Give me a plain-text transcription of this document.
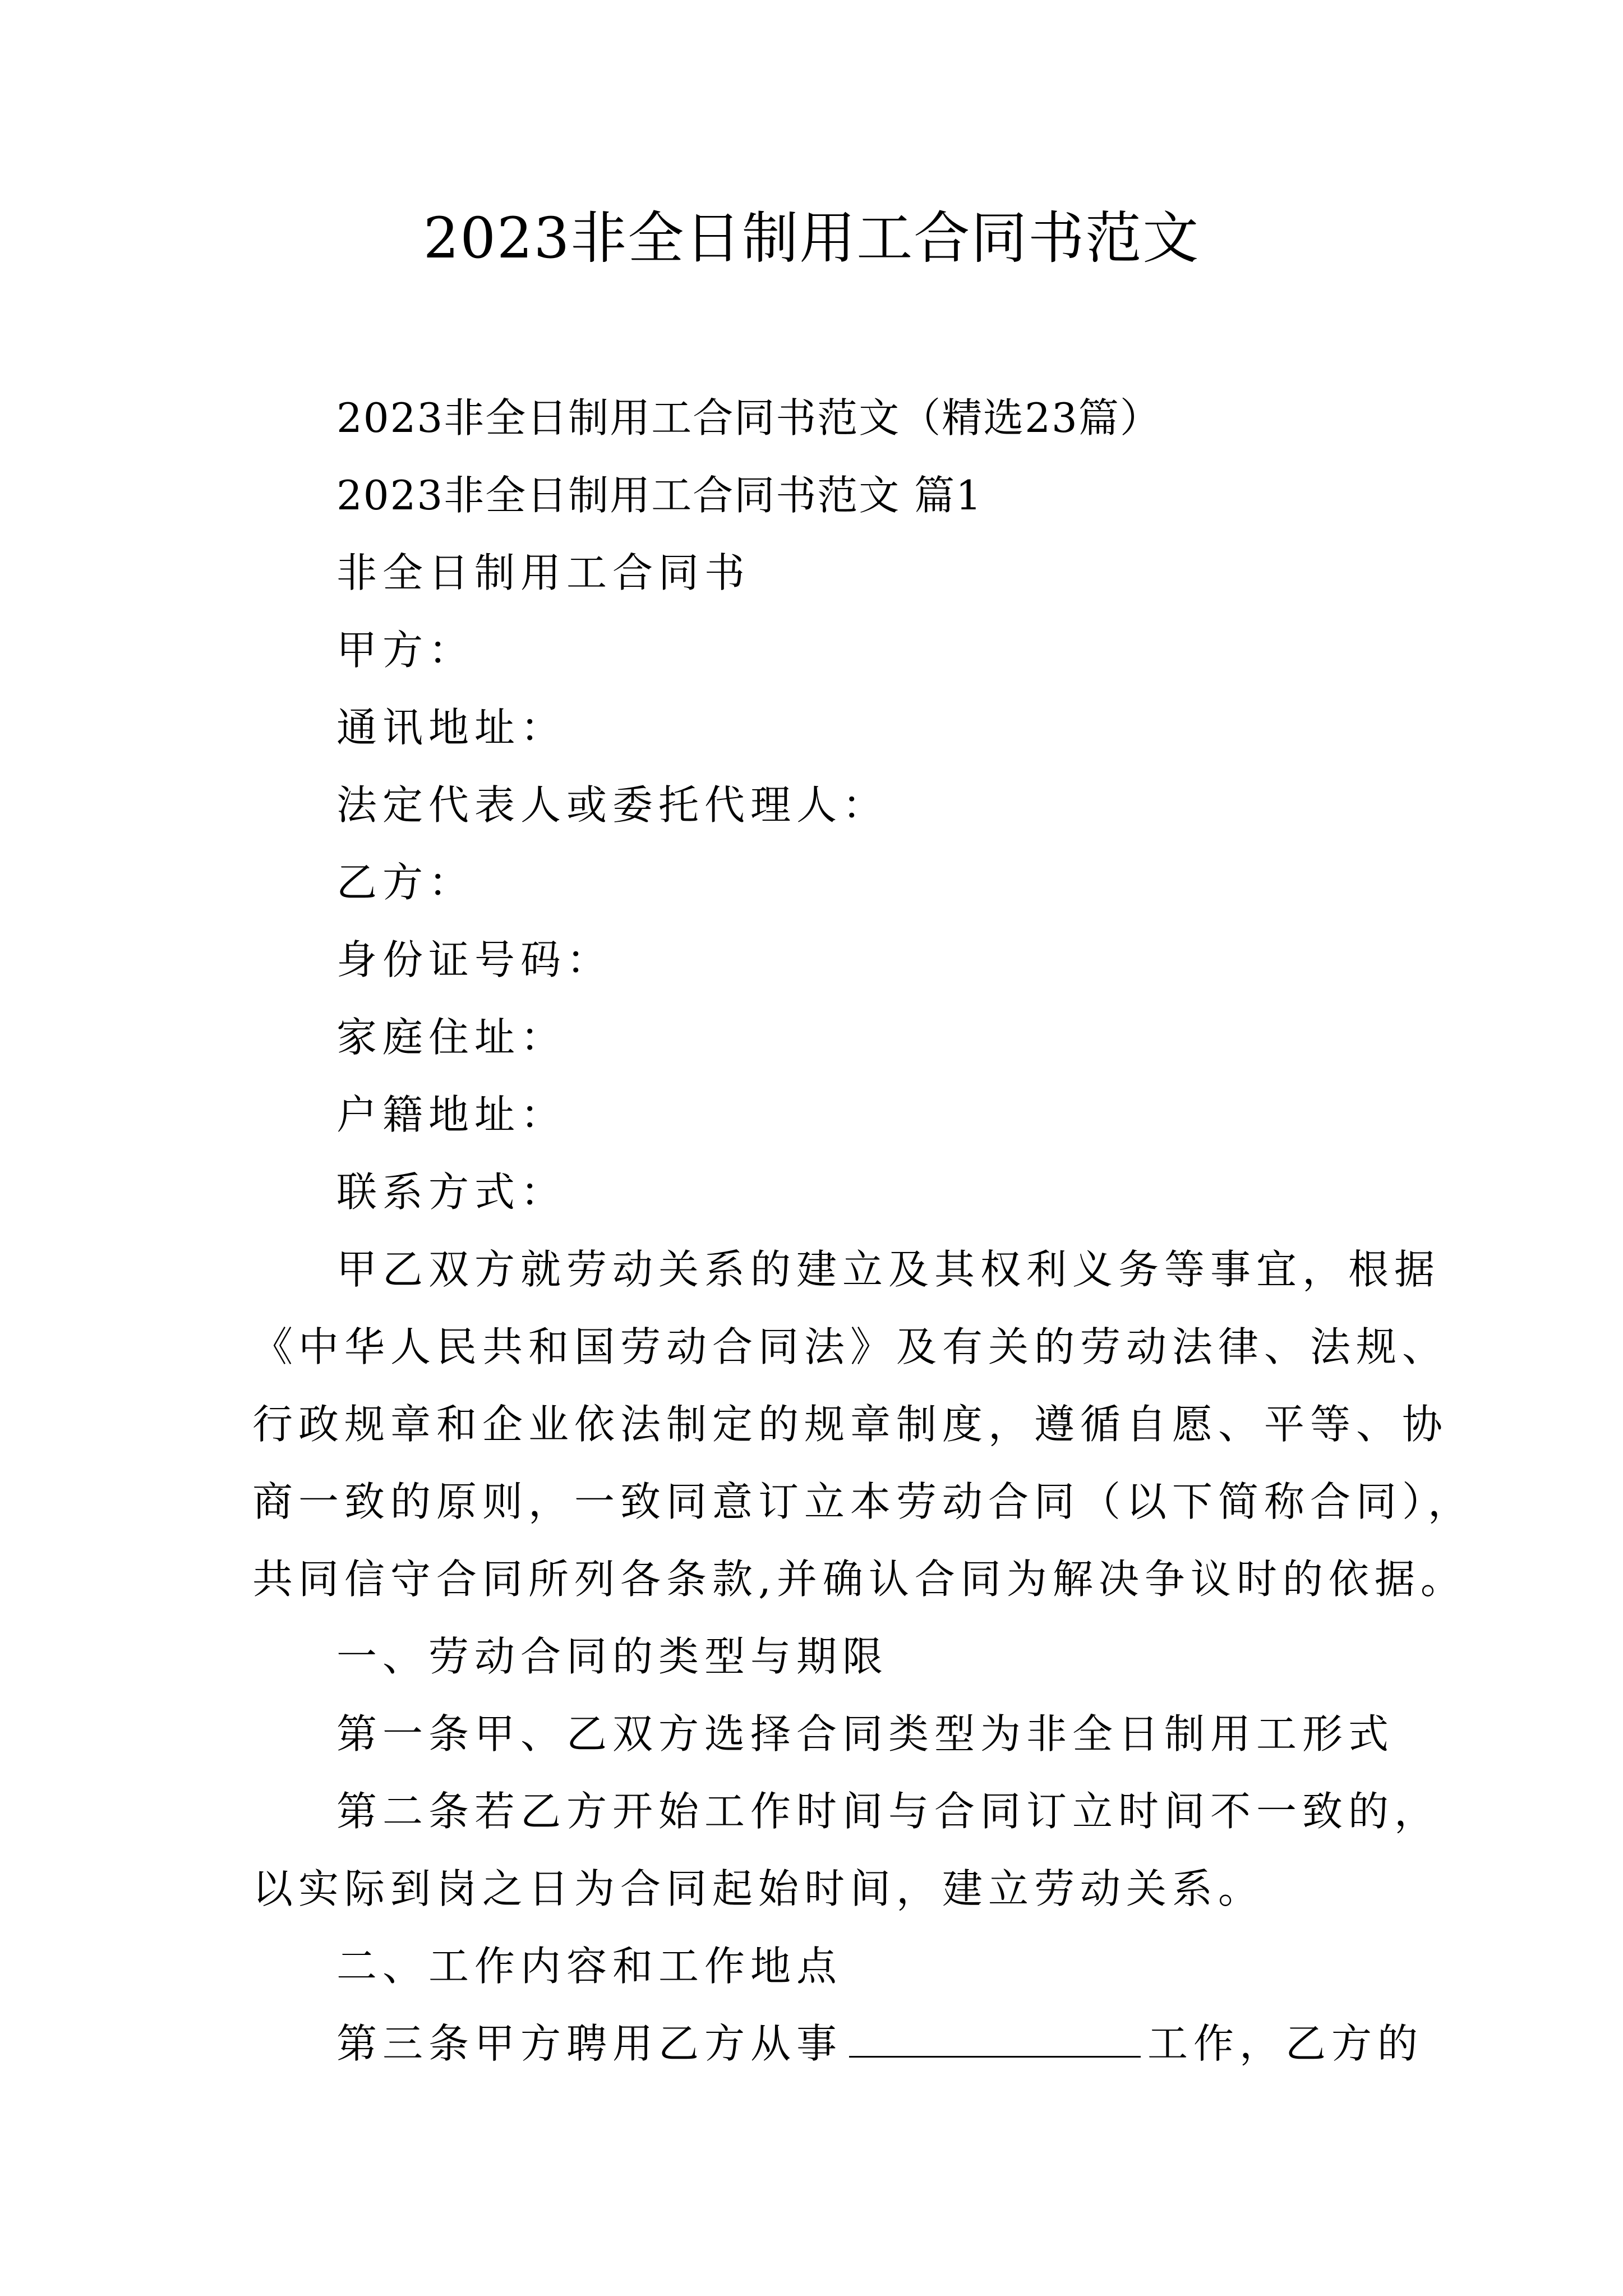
2023非全日制用工合同书范文
2023非全日制用工合同书范文（精选23篇）
2023非全日制用工合同书范文 篇1
非全日制用工合同书
甲方：
通讯地址：
法定代表人或委托代理人：
乙方：
身份证号码：
家庭住址：
户籍地址：
联系方式：
甲乙双方就劳动关系的建立及其权利义务等事宜，根据
《中华人民共和国劳动合同法》及有关的劳动法律、法规、
行政规章和企业依法制定的规章制度，遵循自愿、平等、协
商一致的原则，一致同意订立本劳动合同（以下简称合同），
共同信守合同所列各条款,并确认合同为解决争议时的依据。
一、劳动合同的类型与期限
第一条甲、乙双方选择合同类型为非全日制用工形式
第二条若乙方开始工作时间与合同订立时间不一致的，
以实际到岗之日为合同起始时间，建立劳动关系。
二、工作内容和工作地点
第三条甲方聘用乙方从事	工作，乙方的
